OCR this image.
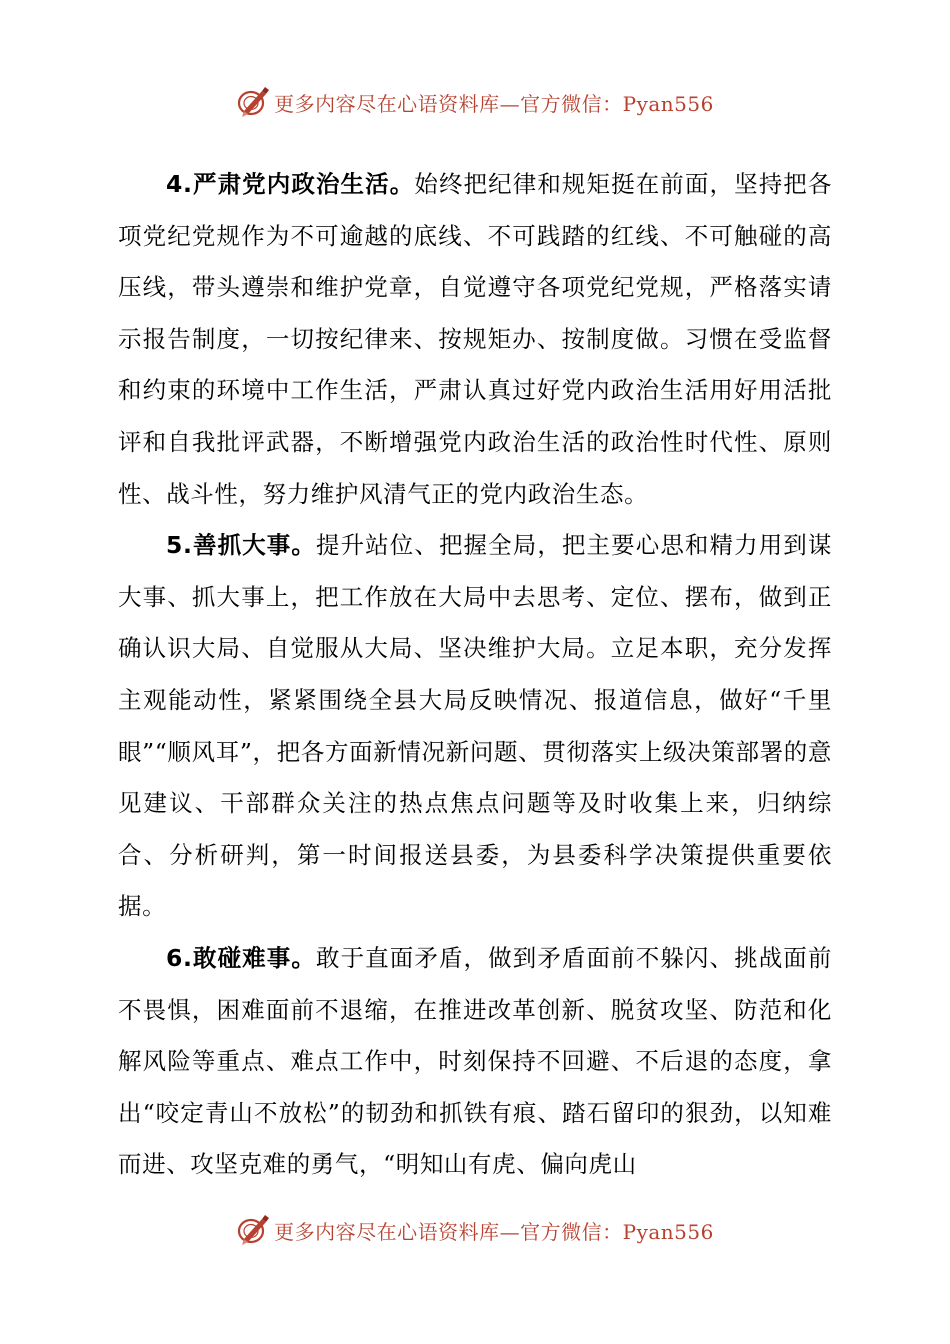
更多内容尽在心语资料库—官方微信：Pyan556

4.严肃党内政治生活。始终把纪律和规矩挺在前面，坚持把各项党纪党规作为不可逾越的底线、不可践踏的红线、不可触碰的高压线，带头遵崇和维护党章，自觉遵守各项党纪党规，严格落实请示报告制度，一切按纪律来、按规矩办、按制度做。习惯在受监督和约束的环境中工作生活，严肃认真过好党内政治生活用好用活批评和自我批评武器，不断增强党内政治生活的政治性时代性、原则性、战斗性，努力维护风清气正的党内政治生态。

5.善抓大事。提升站位、把握全局，把主要心思和精力用到谋大事、抓大事上，把工作放在大局中去思考、定位、摆布，做到正确认识大局、自觉服从大局、坚决维护大局。立足本职，充分发挥主观能动性，紧紧围绕全县大局反映情况、报道信息，做好“千里眼”“顺风耳”，把各方面新情况新问题、贯彻落实上级决策部署的意见建议、干部群众关注的热点焦点问题等及时收集上来，归纳综合、分析研判，第一时间报送县委，为县委科学决策提供重要依据。

6.敢碰难事。敢于直面矛盾，做到矛盾面前不躲闪、挑战面前不畏惧，困难面前不退缩，在推进改革创新、脱贫攻坚、防范和化解风险等重点、难点工作中，时刻保持不回避、不后退的态度，拿出“咬定青山不放松”的韧劲和抓铁有痕、踏石留印的狠劲，以知难而进、攻坚克难的勇气，“明知山有虎、偏向虎山

更多内容尽在心语资料库—官方微信：Pyan556
